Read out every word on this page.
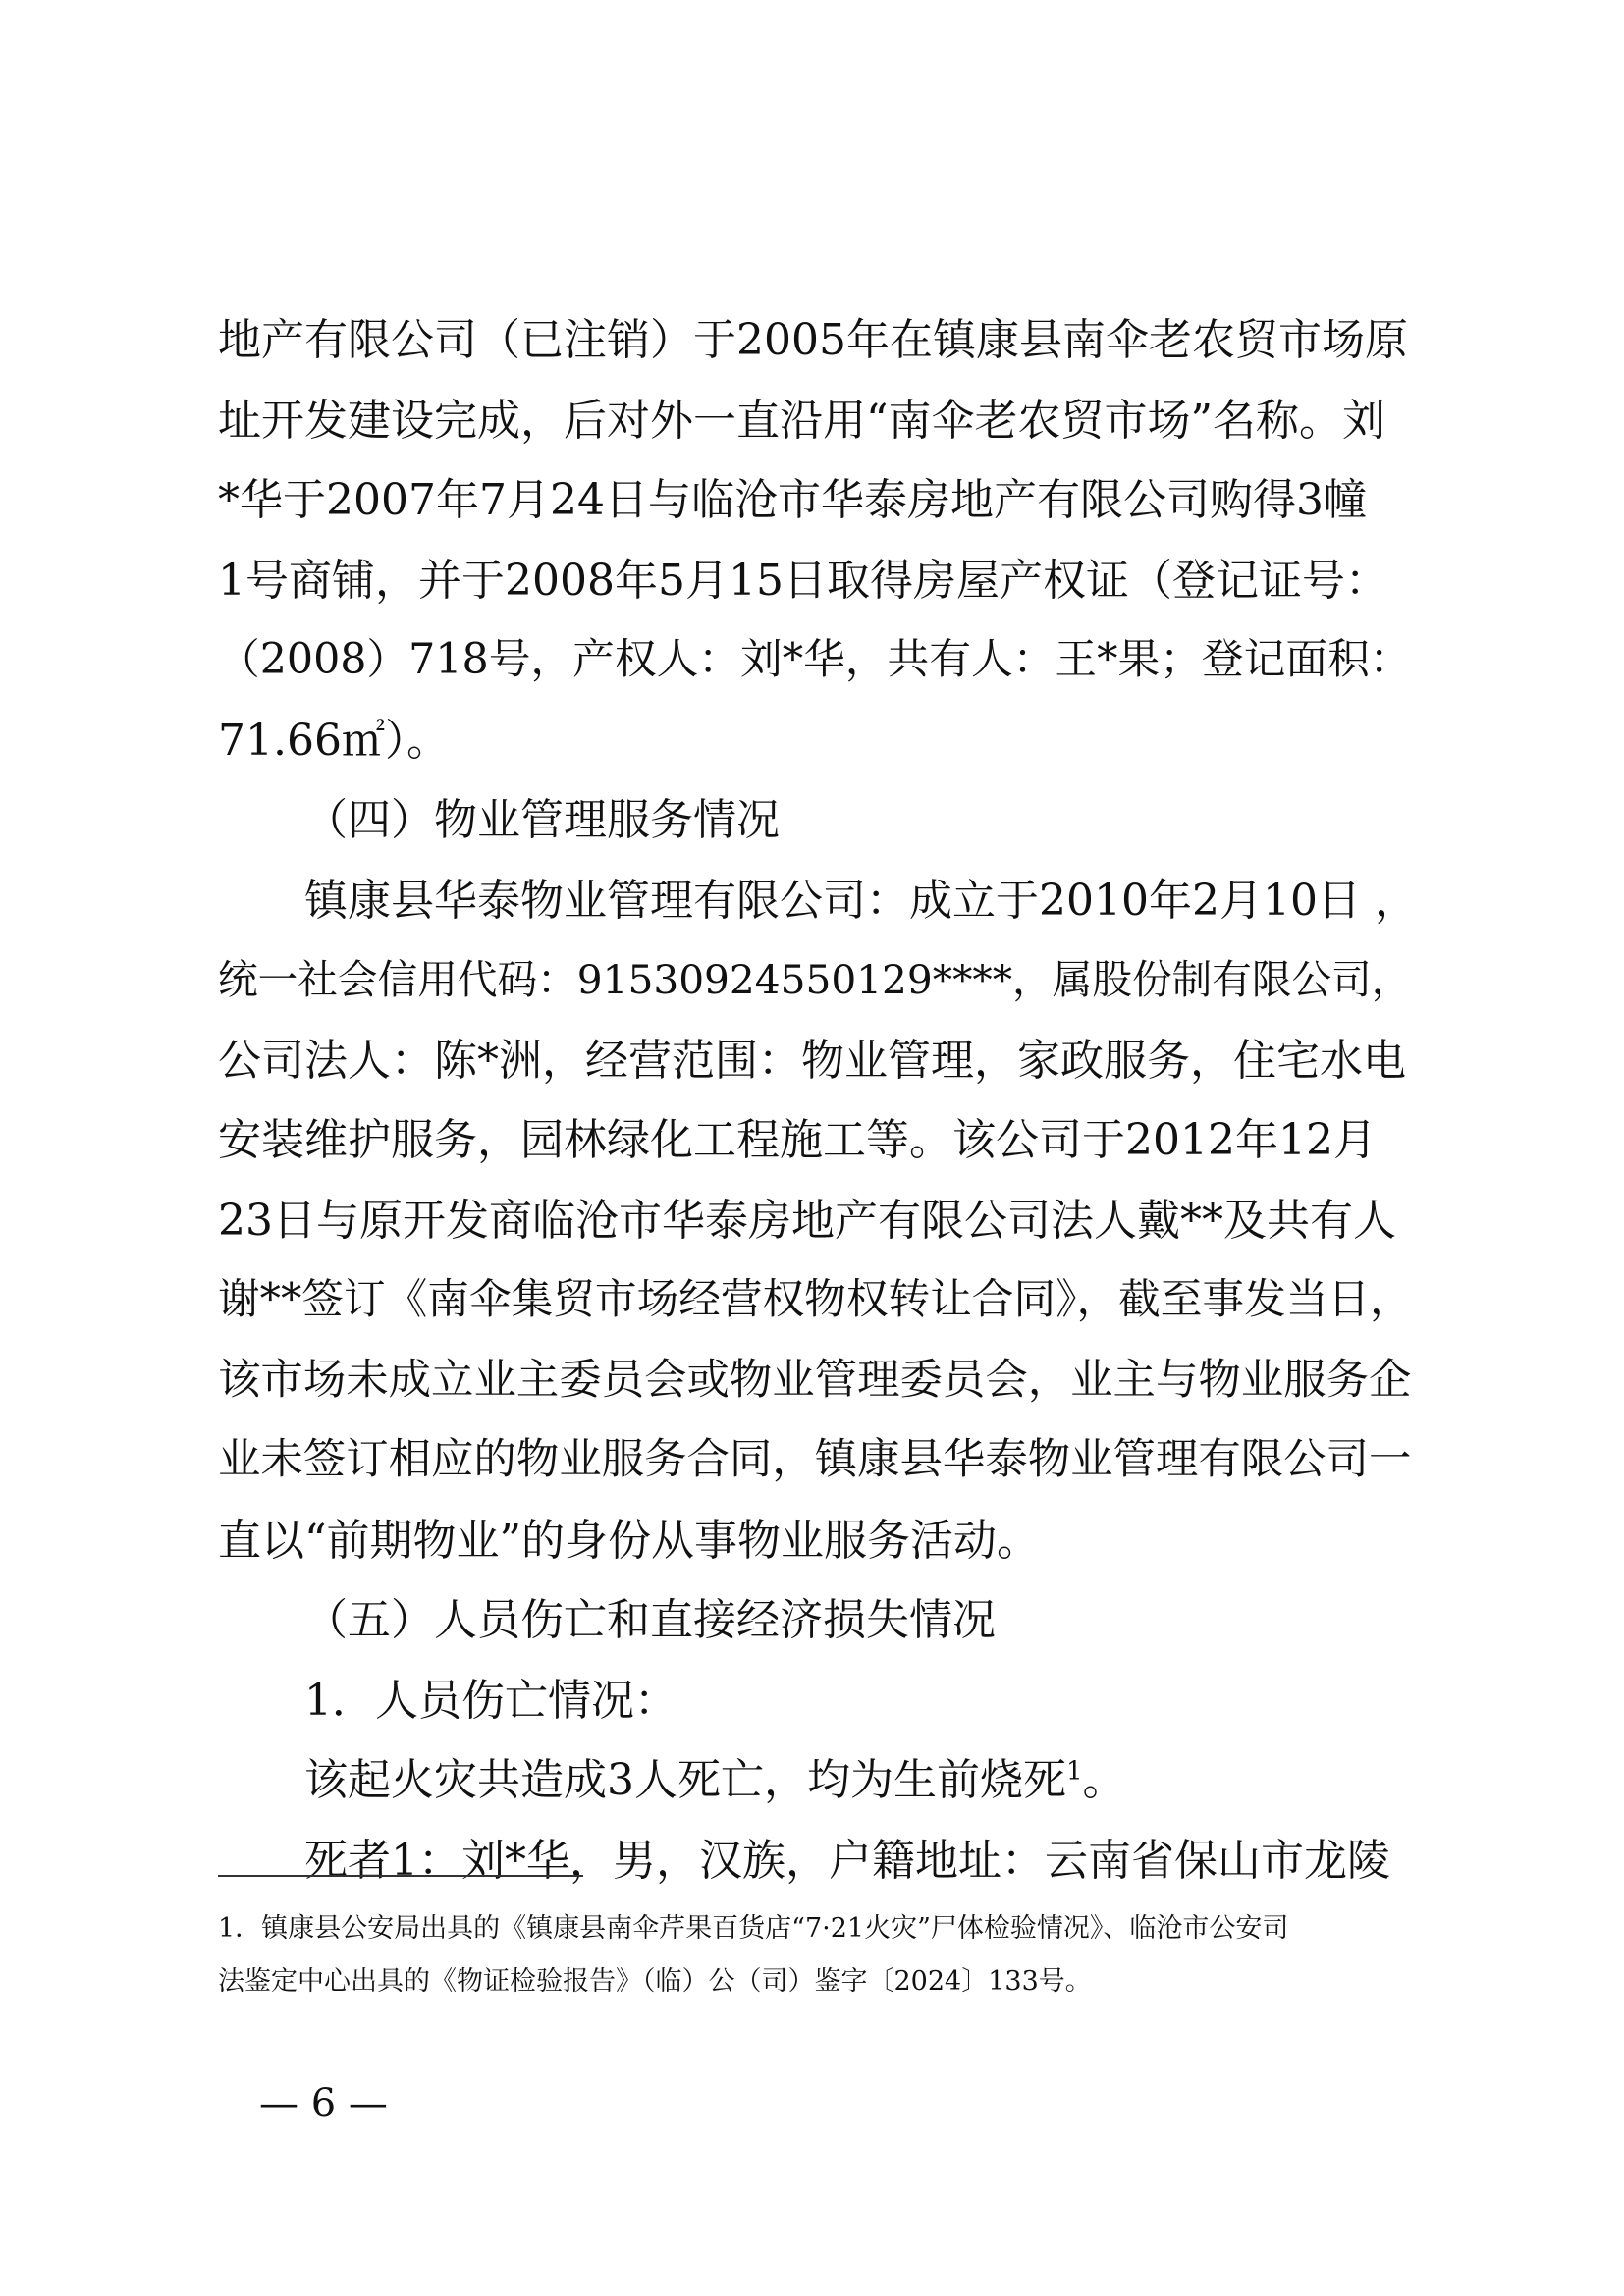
地产有限公司（已注销）于2005年在镇康县南伞老农贸市场原
址开发建设完成，后对外一直沿用“南伞老农贸市场”名称。刘
*华于2007年7月24日与临沧市华泰房地产有限公司购得3幢
1号商铺，并于2008年5月15日取得房屋产权证（登记证号：
（2008）718号，产权人：刘*华，共有人：王*果；登记面积：
71.66㎡）。
（四）物业管理服务情况
镇康县华泰物业管理有限公司：成立于2010年2月10日 ，
统一社会信用代码：91530924550129****，属股份制有限公司，
公司法人：陈*洲，经营范围：物业管理，家政服务，住宅水电
安装维护服务，园林绿化工程施工等。该公司于2012年12月
23日与原开发商临沧市华泰房地产有限公司法人戴**及共有人
谢**签订《南伞集贸市场经营权物权转让合同》，截至事发当日，
该市场未成立业主委员会或物业管理委员会，业主与物业服务企
业未签订相应的物业服务合同，镇康县华泰物业管理有限公司一
直以“前期物业”的身份从事物业服务活动。
（五）人员伤亡和直接经济损失情况
1．人员伤亡情况：
该起火灾共造成3人死亡，均为生前烧死$^1$。
死者1：刘*华，男，汉族，户籍地址：云南省保山市龙陵
1．镇康县公安局出具的《镇康县南伞芹果百货店“7·21火灾”尸体检验情况》、临沧市公安司
法鉴定中心出具的《物证检验报告》（临）公（司）鉴字〔2024〕133号。
— 6 —
